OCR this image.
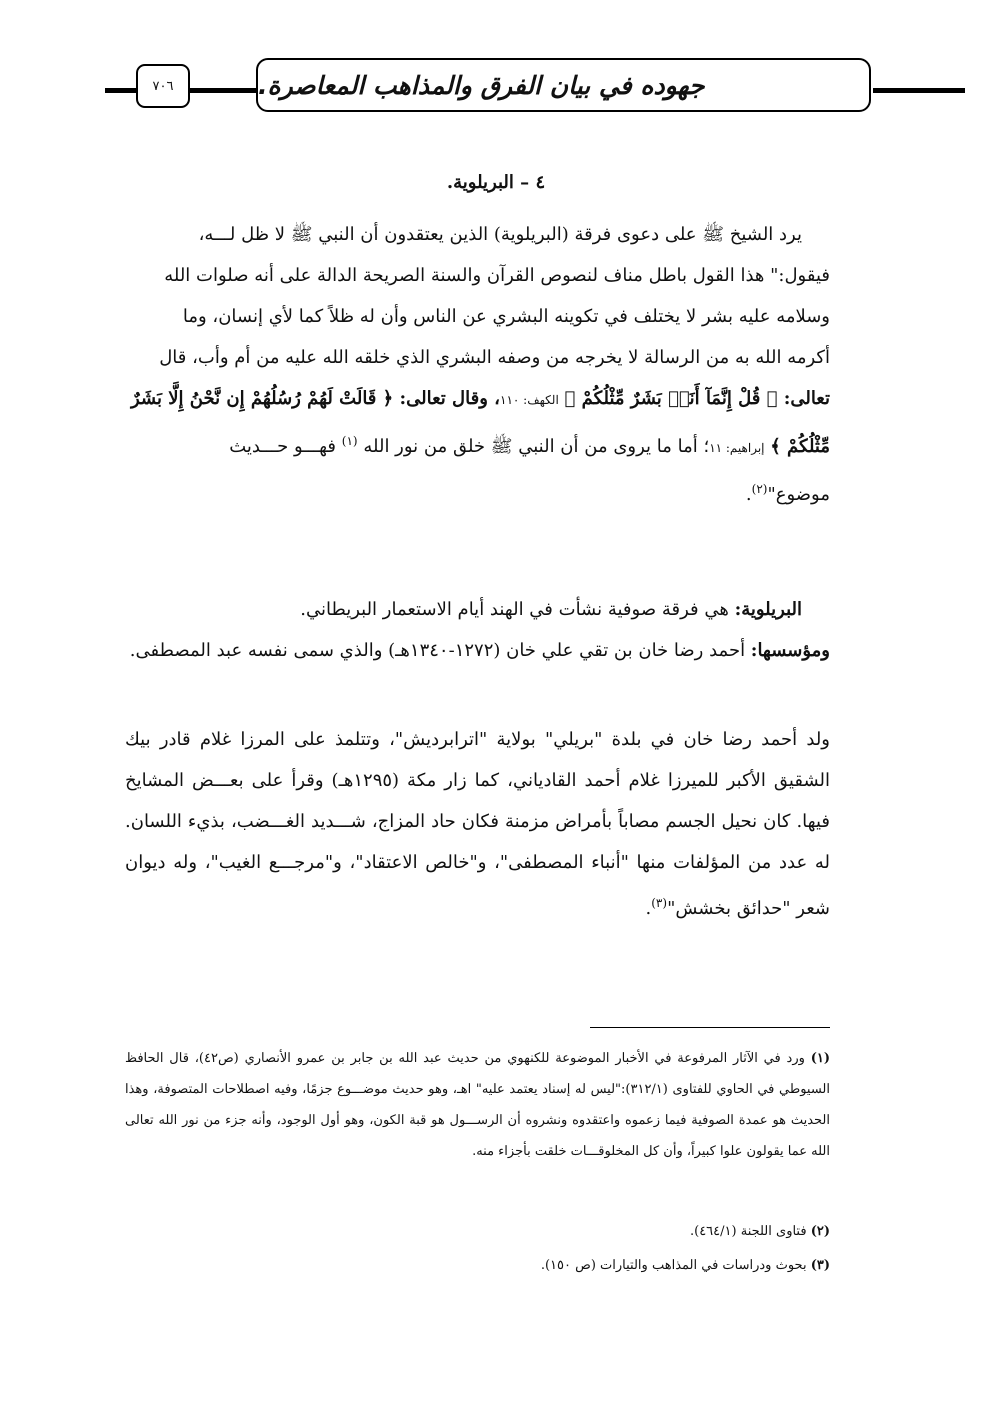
٧٠٦	جهوده في بيان الفرق والمذاهب المعاصرة.
٤ – البريلوية.

يرد الشيخ ﷺ على دعوى فرقة (البريلوية) الذين يعتقدون أن النبي ﷺ لا ظل لـــه،

فيقول:" هذا القول باطل مناف لنصوص القرآن والسنة الصريحة الدالة على أنه صلوات الله

وسلامه عليه بشر لا يختلف في تكوينه البشري عن الناس وأن له ظلاً كما لأي إنسان، وما

أكرمه الله به من الرسالة لا يخرجه من وصفه البشري الذي خلقه الله عليه من أم وأب، قال

تعالى: ﴿ قُلْ إِنَّمَآ أَنَا۠ بَشَرٌ مِّثْلُكُمْ ﴾ الكهف: ١١٠، وقال تعالى: ﴿ قَالَتْ لَهُمْ رُسُلُهُمْ إِن نَّحْنُ إِلَّا بَشَرٌ

مِّثْلُكُمْ ﴾ إبراهيم: ١١؛ أما ما يروى من أن النبي ﷺ خلق من نور الله $^{(١)}$ فهـــو حـــديث

موضوع"$^{(٢)}$.

البريلوية: هي فرقة صوفية نشأت في الهند أيام الاستعمار البريطاني.

ومؤسسها: أحمد رضا خان بن تقي علي خان (١٢٧٢-١٣٤٠هـ) والذي سمى نفسه عبد المصطفى.

ولد أحمد رضا خان في بلدة "بريلي" بولاية "اترابرديش"، وتتلمذ على المرزا غلام قادر بيك الشقيق الأكبر للميرزا غلام أحمد القادياني، كما زار مكة (١٢٩٥هـ) وقرأ على بعـــض المشايخ فيها. كان نحيل الجسم مصاباً بأمراض مزمنة فكان حاد المزاج، شـــديد الغـــضب، بذيء اللسان. له عدد من المؤلفات منها "أنباء المصطفى"، و"خالص الاعتقاد"، و"مرجـــع الغيب"، وله ديوان شعر "حدائق بخشش"$^{(٣)}$.

(١) ورد في الآثار المرفوعة في الأخبار الموضوعة للكنهوي من حديث عبد الله بن جابر بن عمرو الأنصاري (ص٤٢)، قال الحافظ السيوطي في الحاوي للفتاوى (٣١٢/١):"ليس له إسناد يعتمد عليه" اهـ، وهو حديث موضـــوع جزمًا، وفيه اصطلاحات المتصوفة، وهذا الحديث هو عمدة الصوفية فيما زعموه واعتقدوه ونشروه أن الرســـول هو قبة الكون، وهو أول الوجود، وأنه جزء من نور الله تعالى الله عما يقولون علوا كبيراً، وأن كل المخلوقـــات خلقت بأجزاء منه.
(٢) فتاوى اللجنة (٤٦٤/١).
(٣) بحوث ودراسات في المذاهب والتيارات (ص ١٥٠).
